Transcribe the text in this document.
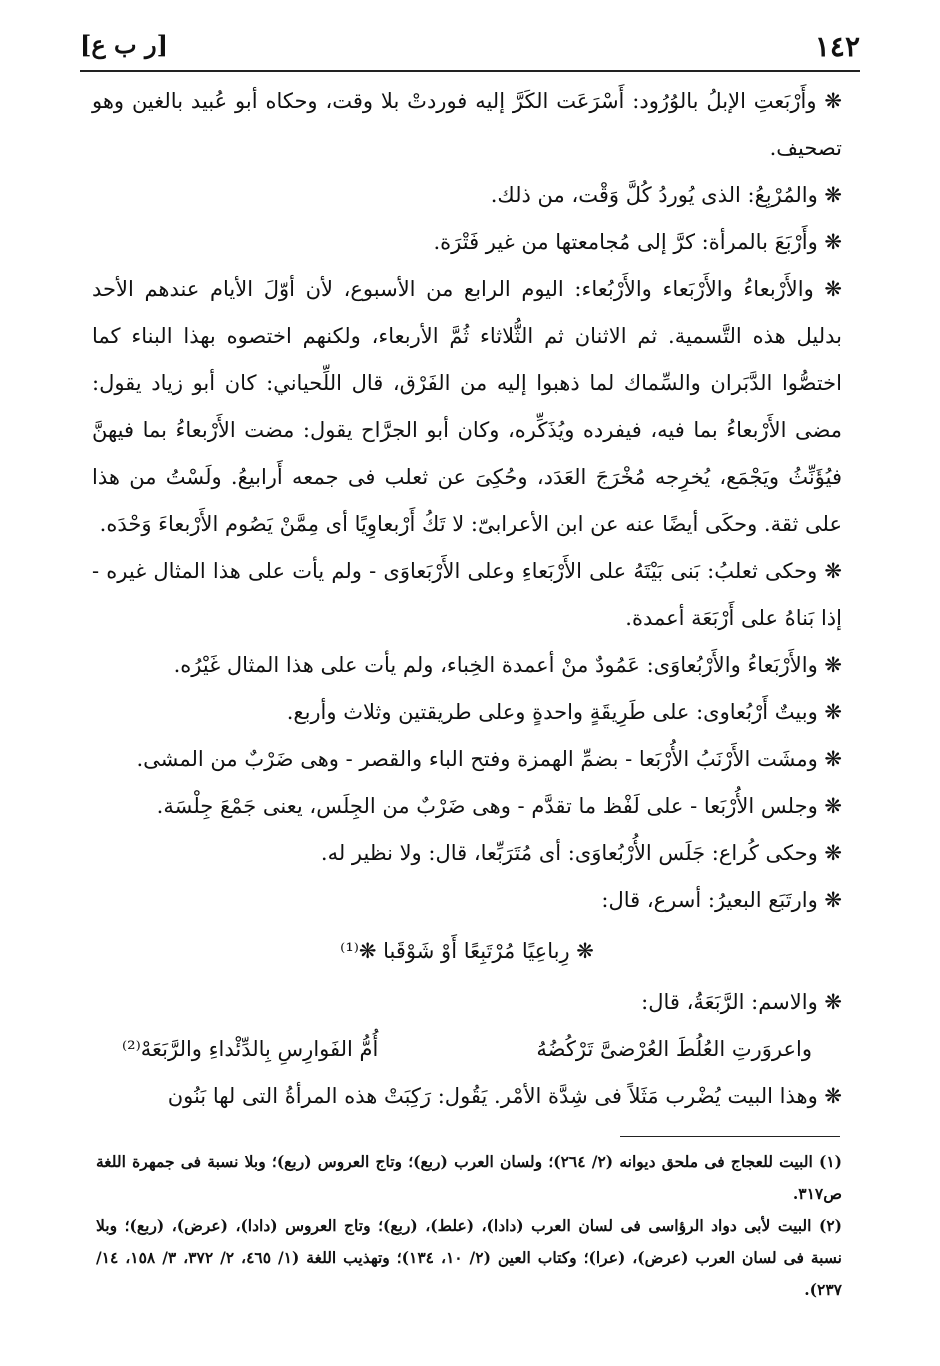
١٤٢
[ر ب ع]

❋ وأَرْبَعتِ الإبلُ بالوُرُود: أَسْرَعَت الكَرَّ إليه فوردتْ بلا وقت، وحكاه أبو عُبيد بالغين وهو تصحيف.

❋ والمُرْبِعُ: الذى يُوردُ كُلَّ وَقْت، من ذلك.

❋ وأَرْبَعَ بالمرأة: كرَّ إلى مُجامعتها من غير فَتْرَة.

❋ والأَرْبعاءُ والأَرْبَعاء والأَرْبُعاء: اليوم الرابع من الأسبوع، لأن أوّلَ الأيام عندهم الأحد بدليل هذه التَّسمية. ثم الاثنان ثم الثُّلاثاء ثُمَّ الأربعاء، ولكنهم اختصوه بهذا البناء كما اختصُّوا الدَّبَران والسِّماك لما ذهبوا إليه من الفَرْق، قال اللِّحياني: كان أبو زياد يقول: مضى الأَرْبعاءُ بما فيه، فيفرده ويُذَكِّره، وكان أبو الجرَّاح يقول: مضت الأَرْبعاءُ بما فيهنَّ فيُؤَنِّثُ ويَجْمَع، يُخرِجه مُخْرَجَ العَدَد، وحُكِىَ عن ثعلب فى جمعه أَرابيعُ. ولَسْتُ من هذا على ثقة. وحكَى أيضًا عنه عن ابن الأعرابىّ: لا تَكُ أَرْبعاوِيًا أى مِمَّنْ يَصُوم الأَرْبعاءَ وَحْدَه.

❋ وحكى ثعلبُ: بَنى بَيْتَهُ على الأَرْبَعاءِ وعلى الأَرْبَعاوَى - ولم يأت على هذا المثال غيره - إذا بَناهُ على أَرْبَعَة أعمدة.

❋ والأَرْبَعاءُ والأَرْبُعاوَى: عَمُودٌ منْ أعمدة الخِباء، ولم يأت على هذا المثال غَيْرُه.

❋ وبيتٌ أَرْبُعاوى: على طَرِيقَةٍ واحدةٍ وعلى طريقتين وثلاث وأربع.

❋ ومشَت الأَرْنَبُ الأُرْبَعا - بضمِّ الهمزة وفتح الباء والقصر - وهى ضَرْبٌ من المشى.

❋ وجلس الأُرْبَعا - على لَفْظ ما تقدَّم - وهى ضَرْبٌ من الجِلَس، يعنى جَمْعَ جِلْسَة.

❋ وحكى كُراع: جَلَس الأُرْبُعاوَى: أى مُتَرَبِّعا، قال: ولا نظير له.

❋ وارتَبَع البعيرُ: أسرع، قال:

❋ رِباعِيًا مُرْتَبِعًا أَوْ شَوْقَبا ❋⁽¹⁾

❋ والاسم: الرَّبَعَةُ، قال:

واعروَرتِ العُلُطَ العُرْضىَّ تَرْكُضُهُ
أُمُّ الفَوارِسِ بِالدِّئْداءِ والرَّبَعَهْ⁽²⁾

❋ وهذا البيت يُضْرب مَثَلاً فى شِدَّة الأمْر. يَقُول: رَكِبَتْ هذه المرأةُ التى لها بَنُون

(١) البيت للعجاج فى ملحق ديوانه (٢/ ٢٦٤)؛ ولسان العرب (ربع)؛ وتاج العروس (ربع)؛ وبلا نسبة فى جمهرة اللغة ص٣١٧.

(٢) البيت لأبى دواد الرؤاسى فى لسان العرب (دادا)، (علط)، (ربع)؛ وتاج العروس (دادا)، (عرض)، (ربع)؛ وبلا نسبة فى لسان العرب (عرض)، (عرا)؛ وكتاب العين (٢/ ١٠، ١٣٤)؛ وتهذيب اللغة (١/ ٤٦٥، ٢/ ٣٧٢، ٣/ ١٥٨، ١٤/ ٢٣٧).
